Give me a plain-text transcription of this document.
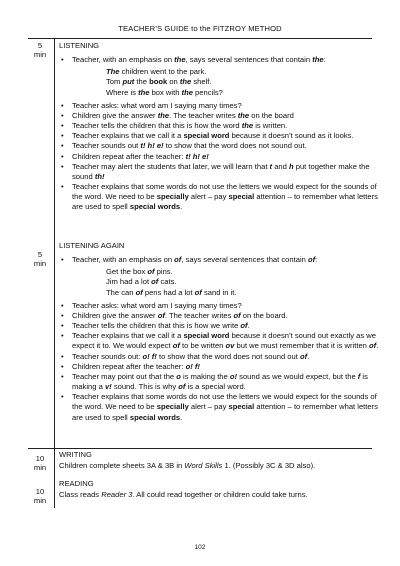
TEACHER’S GUIDE to the FITZROY METHOD
5
min
LISTENING
• Teacher, with an emphasis on the, says several sentences that contain the:
The children went to the park.
Tom put the book on the shelf.
Where is the box with the pencils?
• Teacher asks: what word am I saying many times?
• Children give the answer the. The teacher writes the on the board
• Teacher tells the children that this is how the word the is written.
• Teacher explains that we call it a special word because it doesn’t sound as it looks.
• Teacher sounds out t! h! e! to show that the word does not sound out.
• Children repeat after the teacher: t! h! e!
• Teacher may alert the students that later, we will learn that t and h put together make the sound th!
• Teacher explains that some words do not use the letters we would expect for the sounds of the word. We need to be specially alert – pay special attention – to remember what letters are used to spell special words.
5
min
LISTENING AGAIN
• Teacher, with an emphasis on of, says several sentences that contain of:
Get the box of pins.
Jim had a lot of cats.
The can of pens had a lot of sand in it.
• Teacher asks: what word am I saying many times?
• Children give the answer of. The teacher writes of on the board.
• Teacher tells the children that this is how we write of.
• Teacher explains that we call it a special word because it doesn’t sound out exactly as we expect it to. We would expect of to be written ov but we must remember that it is written of.
• Teacher sounds out: o! f! to show that the word does not sound out of.
• Children repeat after the teacher: o! f!
• Teacher may point out that the o is making the o! sound as we would expect, but the f is making a v! sound. This is why of is a special word.
• Teacher explains that some words do not use the letters we would expect for the sounds of the word. We need to be specially alert – pay special attention – to remember what letters are used to spell special words.
10
min
WRITING
Children complete sheets 3A & 3B in Word Skills 1. (Possibly 3C & 3D also).
10
min
READING
Class reads Reader 3. All could read together or children could take turns.
102
